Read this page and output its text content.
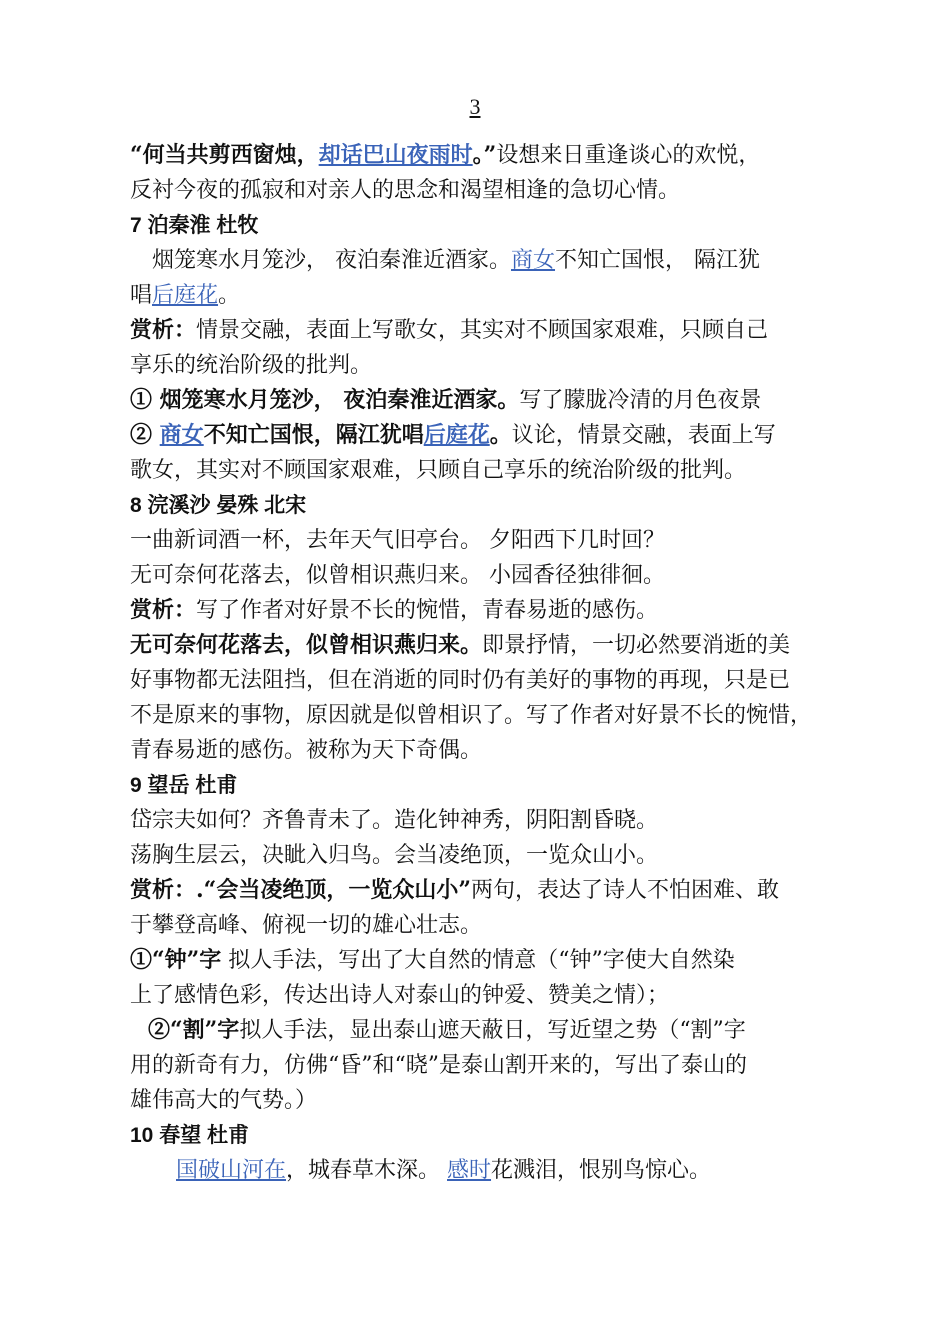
3
“何当共剪西窗烛，却话巴山夜雨时。”设想来日重逢谈心的欢悦，
反衬今夜的孤寂和对亲人的思念和渴望相逢的急切心情。
7 泊秦淮 杜牧
烟笼寒水月笼沙， 夜泊秦淮近酒家。商女不知亡国恨， 隔江犹
唱后庭花。
赏析：情景交融，表面上写歌女，其实对不顾国家艰难，只顾自己
享乐的统治阶级的批判。
① 烟笼寒水月笼沙， 夜泊秦淮近酒家。写了朦胧冷清的月色夜景
② 商女不知亡国恨，隔江犹唱后庭花。议论，情景交融，表面上写
歌女，其实对不顾国家艰难，只顾自己享乐的统治阶级的批判。
8 浣溪沙 晏殊 北宋
一曲新词酒一杯，去年天气旧亭台。 夕阳西下几时回？
无可奈何花落去，似曾相识燕归来。 小园香径独徘徊。
赏析：写了作者对好景不长的惋惜，青春易逝的感伤。
无可奈何花落去，似曾相识燕归来。即景抒情，一切必然要消逝的美
好事物都无法阻挡，但在消逝的同时仍有美好的事物的再现，只是已
不是原来的事物，原因就是似曾相识了。写了作者对好景不长的惋惜，
青春易逝的感伤。被称为天下奇偶。
9 望岳 杜甫
岱宗夫如何？齐鲁青未了。造化钟神秀，阴阳割昏晓。
荡胸生层云，决眦入归鸟。会当凌绝顶，一览众山小。
赏析：.“会当凌绝顶，一览众山小”两句，表达了诗人不怕困难、敢
于攀登高峰、俯视一切的雄心壮志。
①“钟”字 拟人手法，写出了大自然的情意（“钟”字使大自然染
上了感情色彩，传达出诗人对泰山的钟爱、赞美之情）；
②“割”字拟人手法，显出泰山遮天蔽日，写近望之势（“割”字
用的新奇有力，仿佛“昏”和“晓”是泰山割开来的，写出了泰山的
雄伟高大的气势。）
10 春望 杜甫
国破山河在，城春草木深。 感时花溅泪，恨别鸟惊心。
